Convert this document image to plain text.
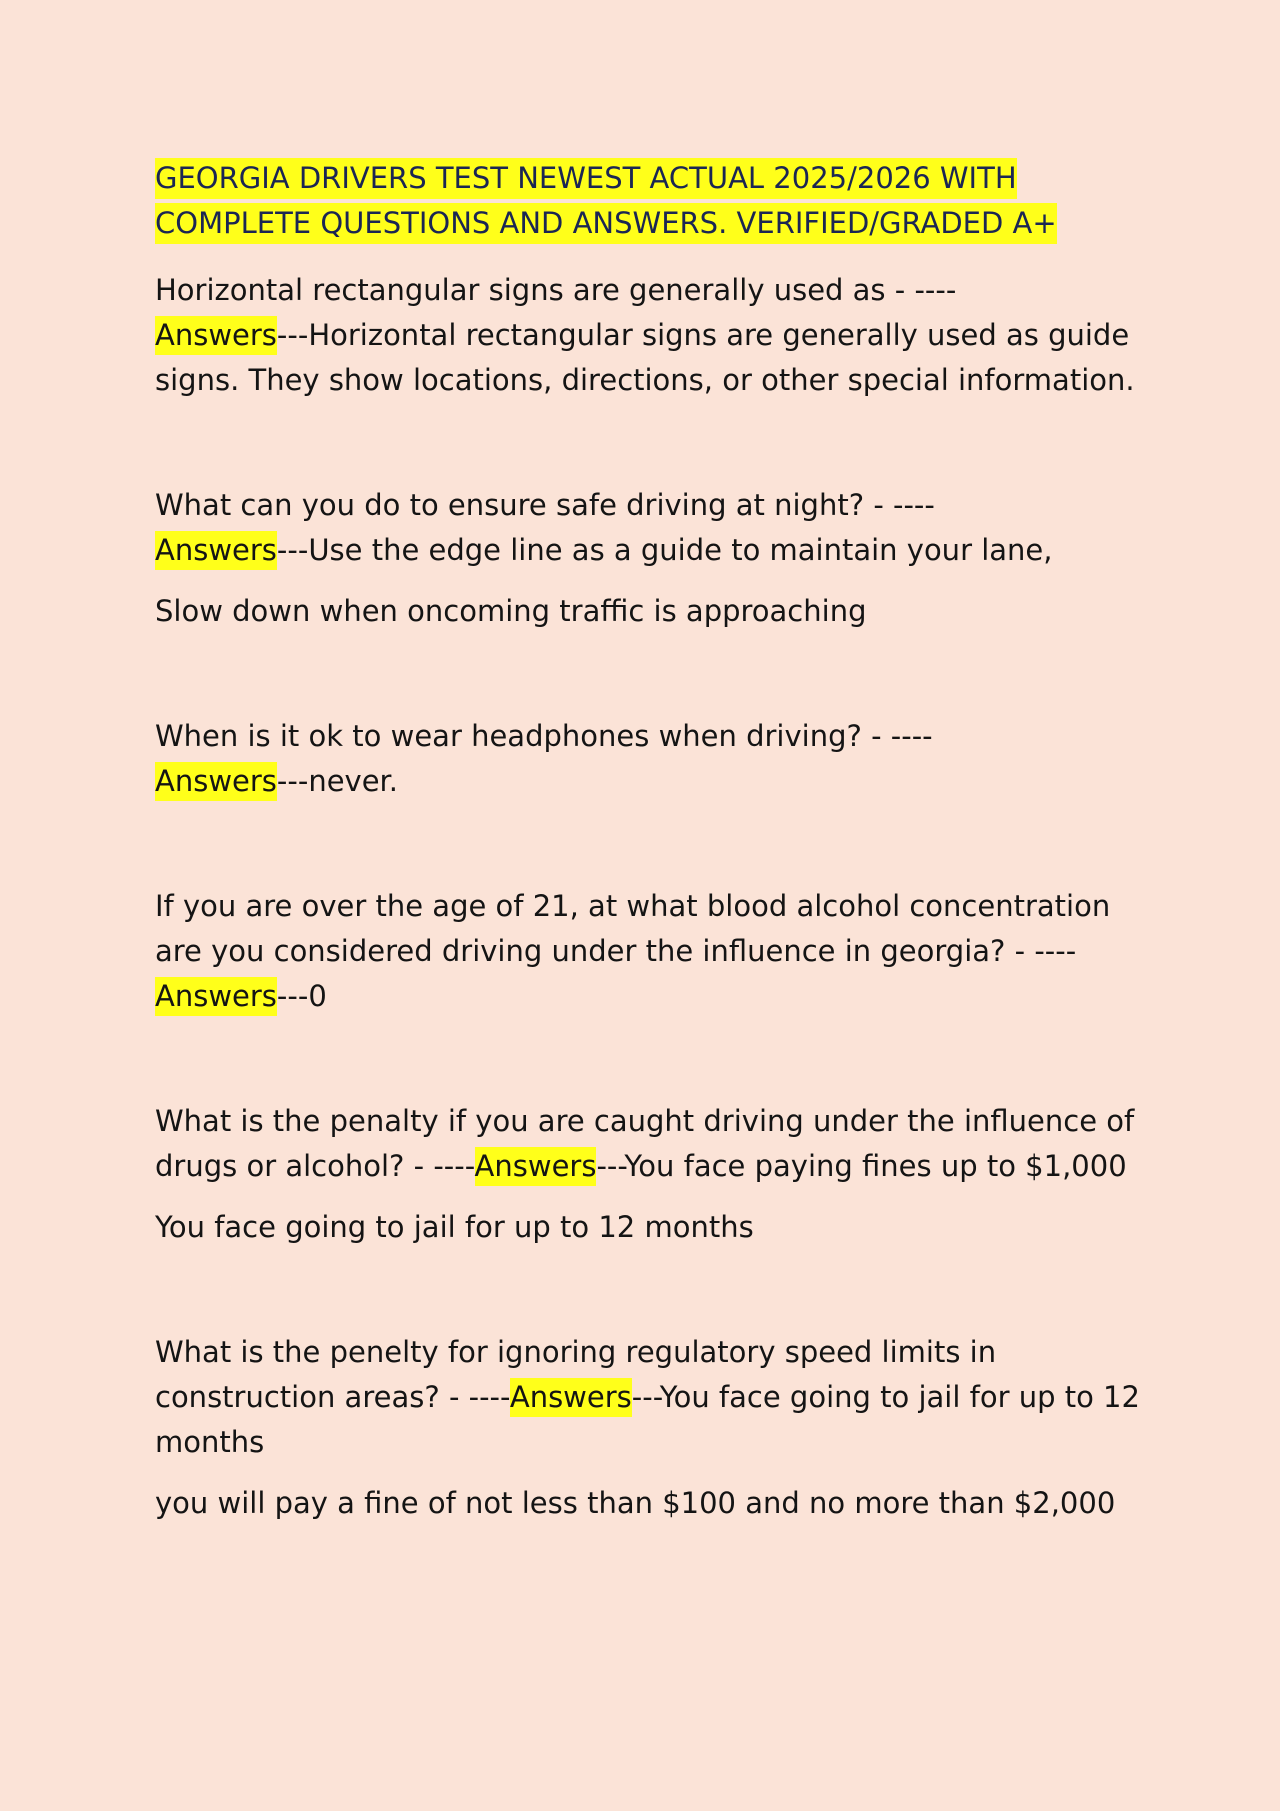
GEORGIA DRIVERS TEST NEWEST ACTUAL 2025/2026 WITH
COMPLETE QUESTIONS AND ANSWERS. VERIFIED/GRADED A+

Horizontal rectangular signs are generally used as - ----
Answers---Horizontal rectangular signs are generally used as guide signs. They show locations, directions, or other special information.

What can you do to ensure safe driving at night? - ----
Answers---Use the edge line as a guide to maintain your lane,

Slow down when oncoming traffic is approaching

When is it ok to wear headphones when driving? - ----
Answers---never.

If you are over the age of 21, at what blood alcohol concentration are you considered driving under the influence in georgia? - ----Answers---0

What is the penalty if you are caught driving under the influence of drugs or alcohol? - ----Answers---You face paying fines up to $1,000

You face going to jail for up to 12 months

What is the penelty for ignoring regulatory speed limits in construction areas? - ----Answers---You face going to jail for up to 12 months

you will pay a fine of not less than $100 and no more than $2,000
